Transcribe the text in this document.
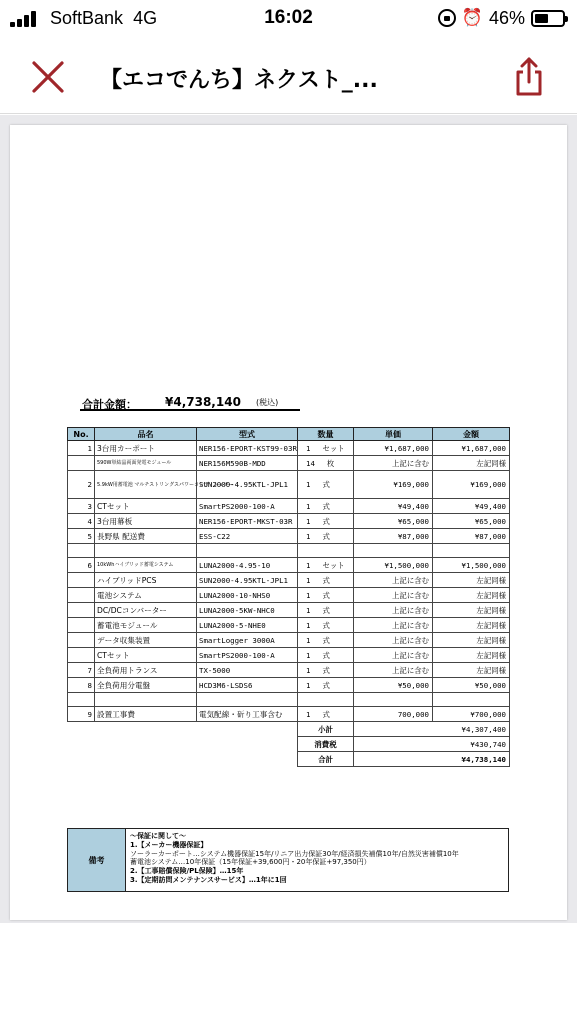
SoftBank 4G	16:02	⏰ 46%
【エコでんち】ネクスト_...
合計金額： ¥4,738,140 (税込)
No.	品名	型式	数量	単価	金額
1	3台用カーポート	NER156-EPORT-KST99-03R	1 セット	¥1,687,000	¥1,687,000
	590W単結晶両面発電モジュール	NER156M590B-MDD	14 枚	上記に含む	左記同様
2	5.9kW用蓄電池 マルチストリングスパワーコンディショナー	SUN2000-4.95KTL-JPL1	1 式	¥169,000	¥169,000
3	CTセット	SmartPS2000-100-A	1 式	¥49,400	¥49,400
4	3台用幕板	NER156-EPORT-MKST-03R	1 式	¥65,000	¥65,000
5	長野県 配送費	ESS-C22	1 式	¥87,000	¥87,000

6	10kWhハイブリッド蓄電システム	LUNA2000-4.95-10	1 セット	¥1,500,000	¥1,500,000
	ハイブリッドPCS	SUN2000-4.95KTL-JPL1	1 式	上記に含む	左記同様
	電池システム	LUNA2000-10-NHS0	1 式	上記に含む	左記同様
	DC/DCコンバーター	LUNA2000-5KW-NHC0	1 式	上記に含む	左記同様
	蓄電池モジュール	LUNA2000-5-NHE0	1 式	上記に含む	左記同様
	データ収集装置	SmartLogger 3000A	1 式	上記に含む	左記同様
	CTセット	SmartPS2000-100-A	1 式	上記に含む	左記同様
7	全負荷用トランス	TX-5000	1 式	上記に含む	左記同様
8	全負荷用分電盤	HCD3M6-LSDS6	1 式	¥50,000	¥50,000

9	設置工事費	電気配線・斫り工事含む	1 式	700,000	¥700,000
			小計	¥4,307,400	
			消費税	¥430,740	
			合計	¥4,738,140	
備考
〜保証に関して〜
1.【メーカー機器保証】
ソーラーカーポート…システム機器保証15年/リニア出力保証30年/経済損失補償10年/自然災害補償10年
蓄電池システム…10年保証（15年保証+39,600円・20年保証+97,350円）
2.【工事賠償保険/PL保険】…15年
3.【定期訪問メンテナンスサービス】…1年に1回
